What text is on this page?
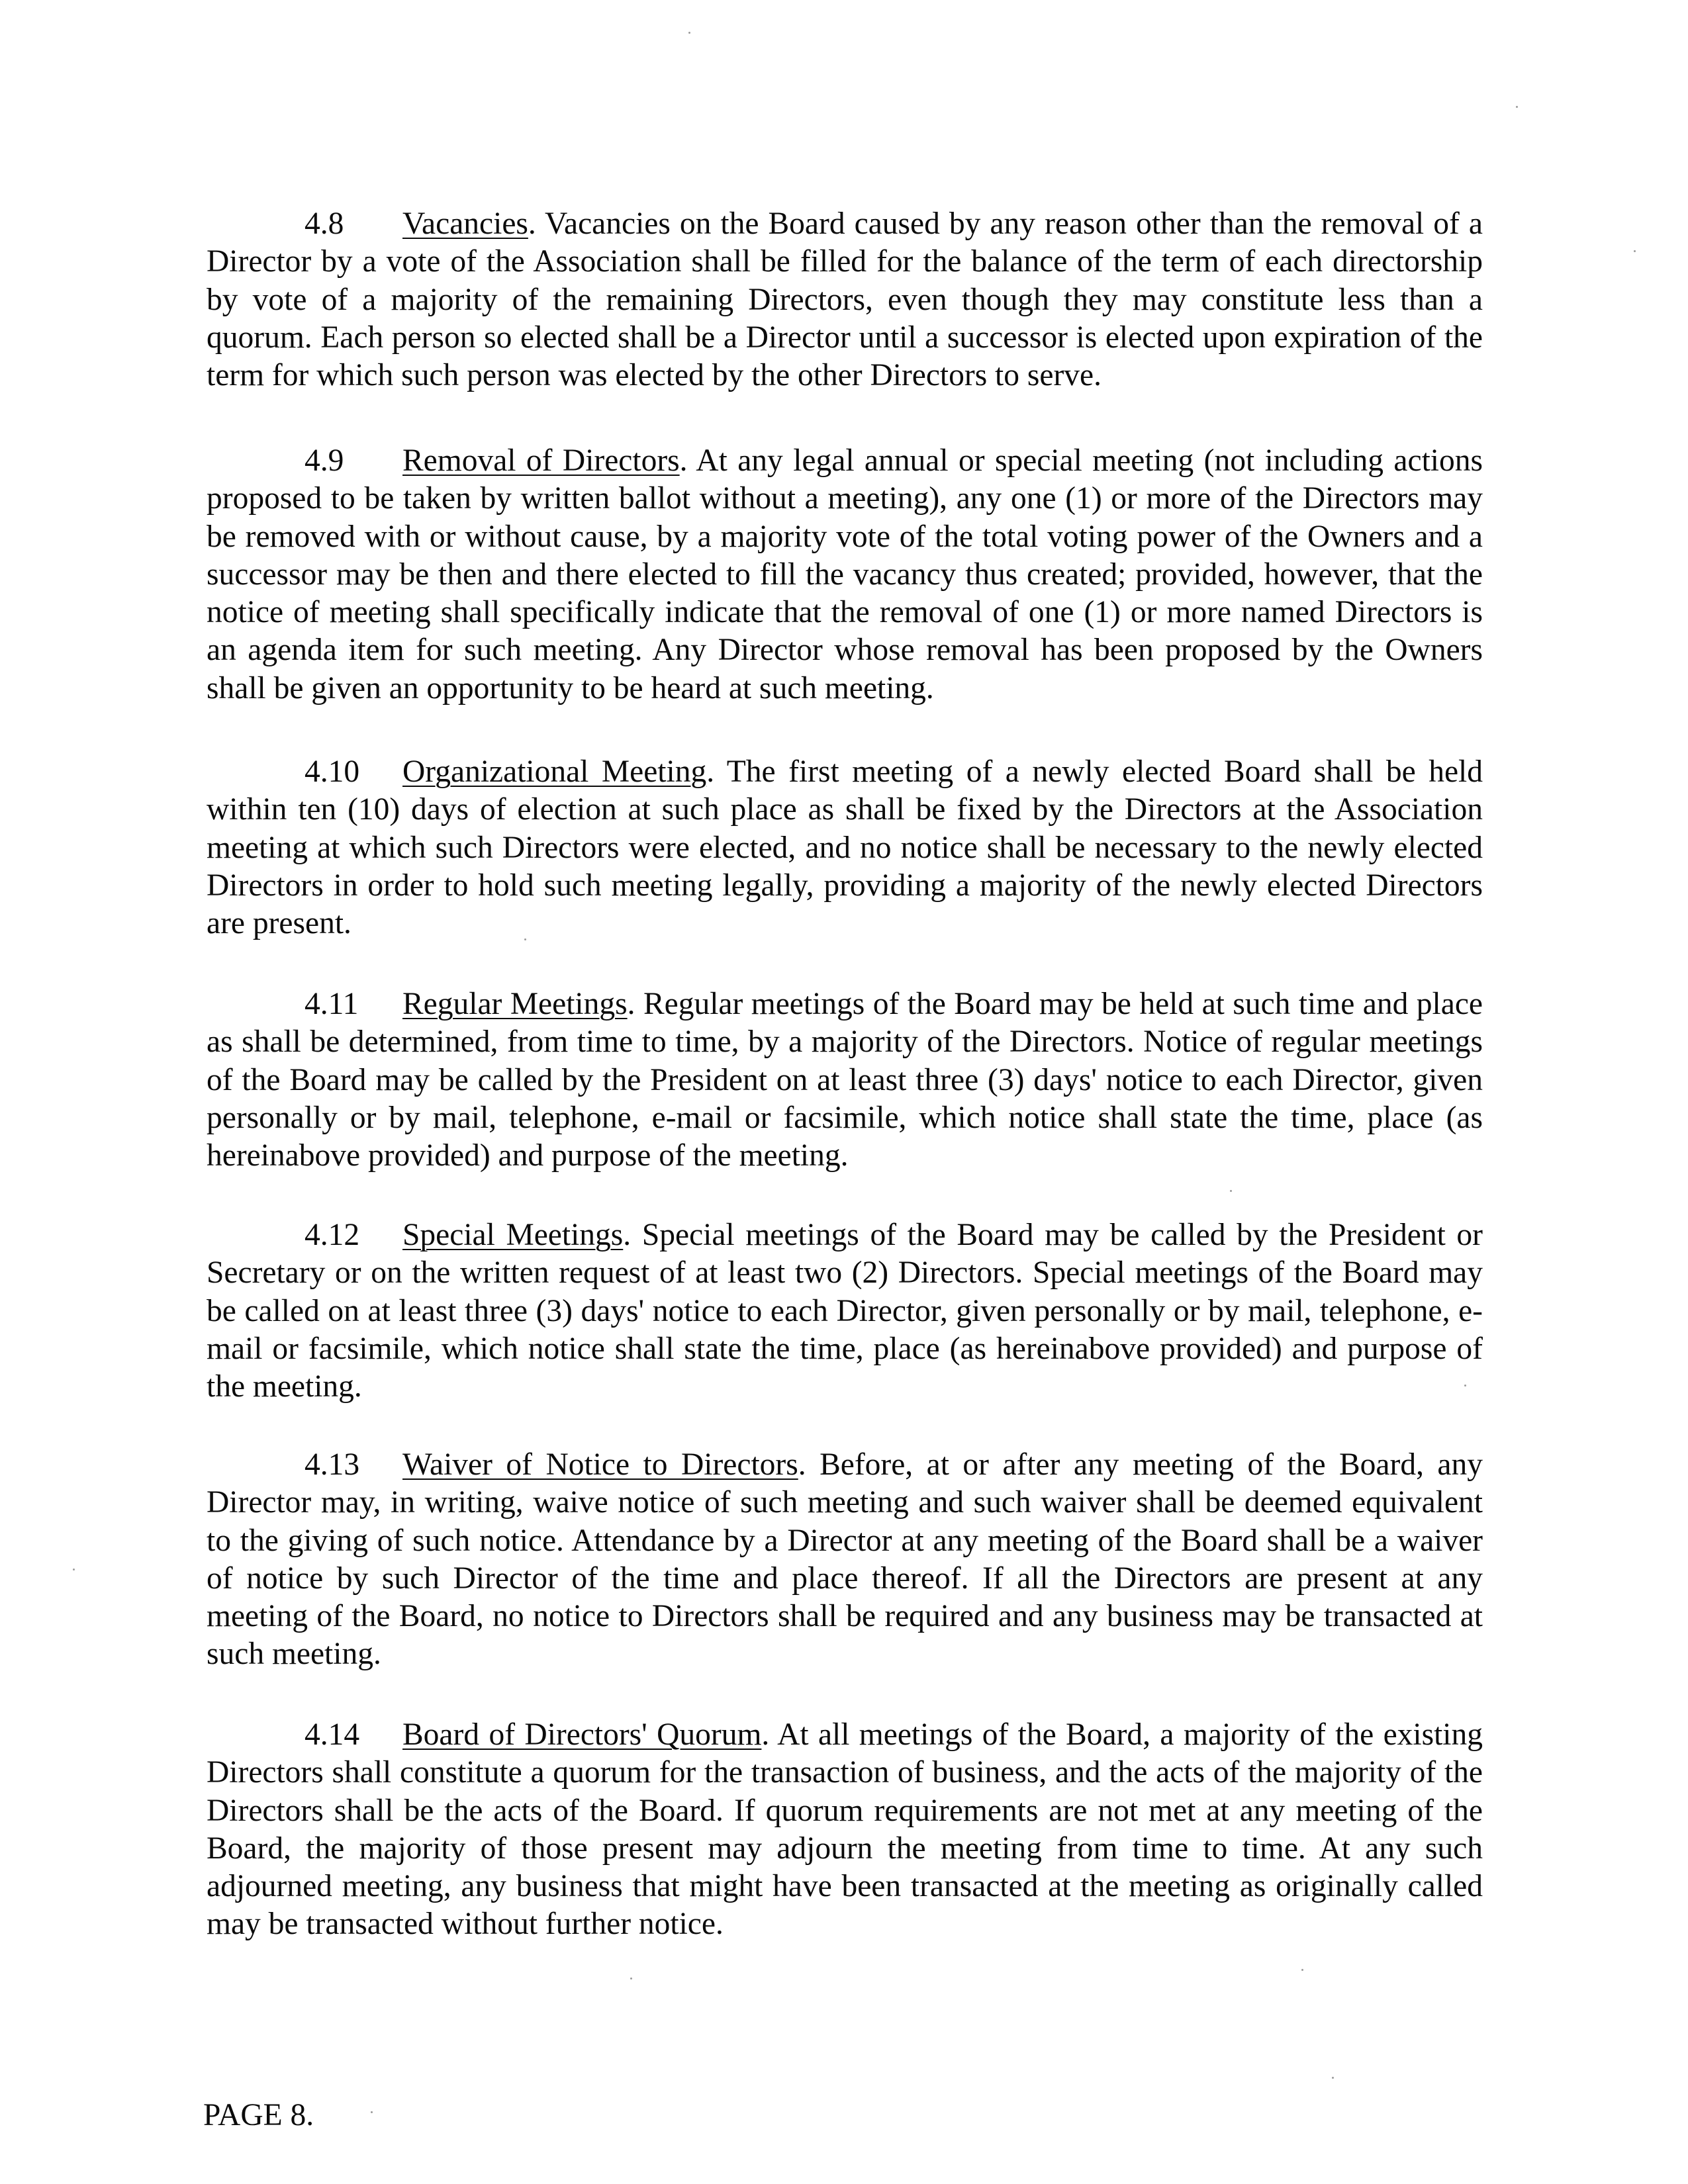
4.8 Vacancies. Vacancies on the Board caused by any reason other than the removal of a Director by a vote of the Association shall be filled for the balance of the term of each directorship by vote of a majority of the remaining Directors, even though they may constitute less than a quorum. Each person so elected shall be a Director until a successor is elected upon expiration of the term for which such person was elected by the other Directors to serve.

4.9 Removal of Directors. At any legal annual or special meeting (not including actions proposed to be taken by written ballot without a meeting), any one (1) or more of the Directors may be removed with or without cause, by a majority vote of the total voting power of the Owners and a successor may be then and there elected to fill the vacancy thus created; provided, however, that the notice of meeting shall specifically indicate that the removal of one (1) or more named Directors is an agenda item for such meeting. Any Director whose removal has been proposed by the Owners shall be given an opportunity to be heard at such meeting.

4.10 Organizational Meeting. The first meeting of a newly elected Board shall be held within ten (10) days of election at such place as shall be fixed by the Directors at the Association meeting at which such Directors were elected, and no notice shall be necessary to the newly elected Directors in order to hold such meeting legally, providing a majority of the newly elected Directors are present.

4.11 Regular Meetings. Regular meetings of the Board may be held at such time and place as shall be determined, from time to time, by a majority of the Directors. Notice of regular meetings of the Board may be called by the President on at least three (3) days' notice to each Director, given personally or by mail, telephone, e-mail or facsimile, which notice shall state the time, place (as hereinabove provided) and purpose of the meeting.

4.12 Special Meetings. Special meetings of the Board may be called by the President or Secretary or on the written request of at least two (2) Directors. Special meetings of the Board may be called on at least three (3) days' notice to each Director, given personally or by mail, telephone, e-mail or facsimile, which notice shall state the time, place (as hereinabove provided) and purpose of the meeting.

4.13 Waiver of Notice to Directors. Before, at or after any meeting of the Board, any Director may, in writing, waive notice of such meeting and such waiver shall be deemed equivalent to the giving of such notice. Attendance by a Director at any meeting of the Board shall be a waiver of notice by such Director of the time and place thereof. If all the Directors are present at any meeting of the Board, no notice to Directors shall be required and any business may be transacted at such meeting.

4.14 Board of Directors' Quorum. At all meetings of the Board, a majority of the existing Directors shall constitute a quorum for the transaction of business, and the acts of the majority of the Directors shall be the acts of the Board. If quorum requirements are not met at any meeting of the Board, the majority of those present may adjourn the meeting from time to time. At any such adjourned meeting, any business that might have been transacted at the meeting as originally called may be transacted without further notice.

PAGE 8.
